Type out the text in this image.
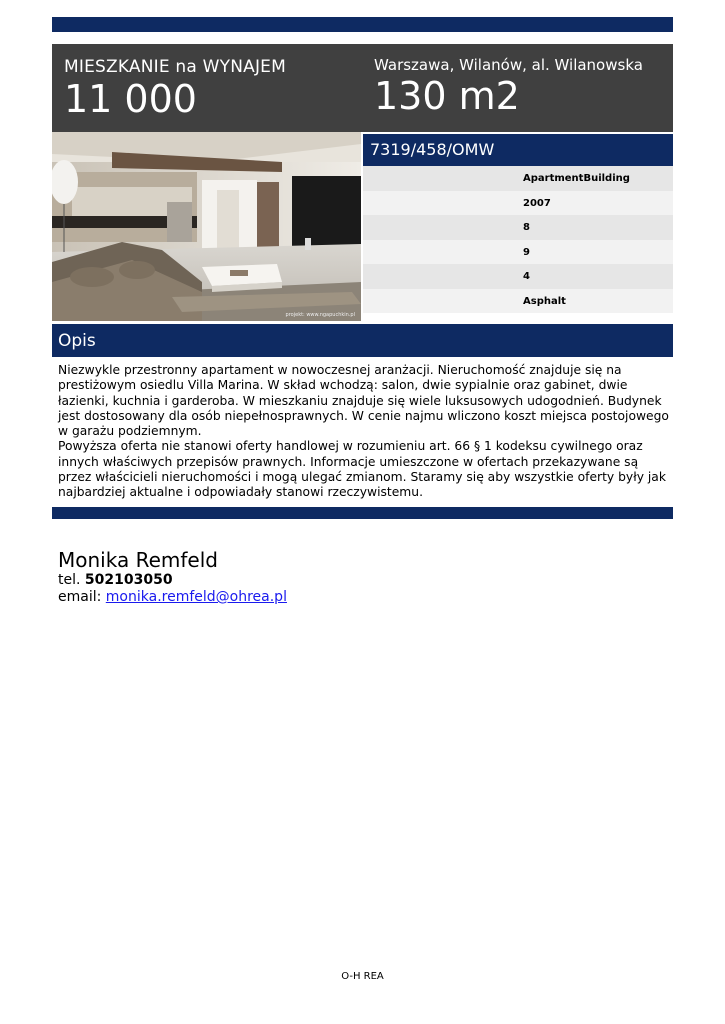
MIESZKANIE na WYNAJEM
11 000
Warszawa, Wilanów, al. Wilanowska
130 m2
projekt: www.ngapuchkin.pl
7319/458/OMW
ApartmentBuilding
2007
8
9
4
Asphalt
Opis

Niezwykle przestronny apartament w nowoczesnej aranżacji. Nieruchomość znajduje się na prestiżowym osiedlu Villa Marina. W skład wchodzą: salon, dwie sypialnie oraz gabinet, dwie łazienki, kuchnia i garderoba. W mieszkaniu znajduje się wiele luksusowych udogodnień. Budynek jest dostosowany dla osób niepełnosprawnych. W cenie najmu wliczono koszt miejsca postojowego w garażu podziemnym.

Powyższa oferta nie stanowi oferty handlowej w rozumieniu art. 66 § 1 kodeksu cywilnego oraz innych właściwych przepisów prawnych. Informacje umieszczone w ofertach przekazywane są przez właścicieli nieruchomości i mogą ulegać zmianom. Staramy się aby wszystkie oferty były jak najbardziej aktualne i odpowiadały stanowi rzeczywistemu.

Monika Remfeld
tel. 502103050
email: monika.remfeld@ohrea.pl
O-H REA
